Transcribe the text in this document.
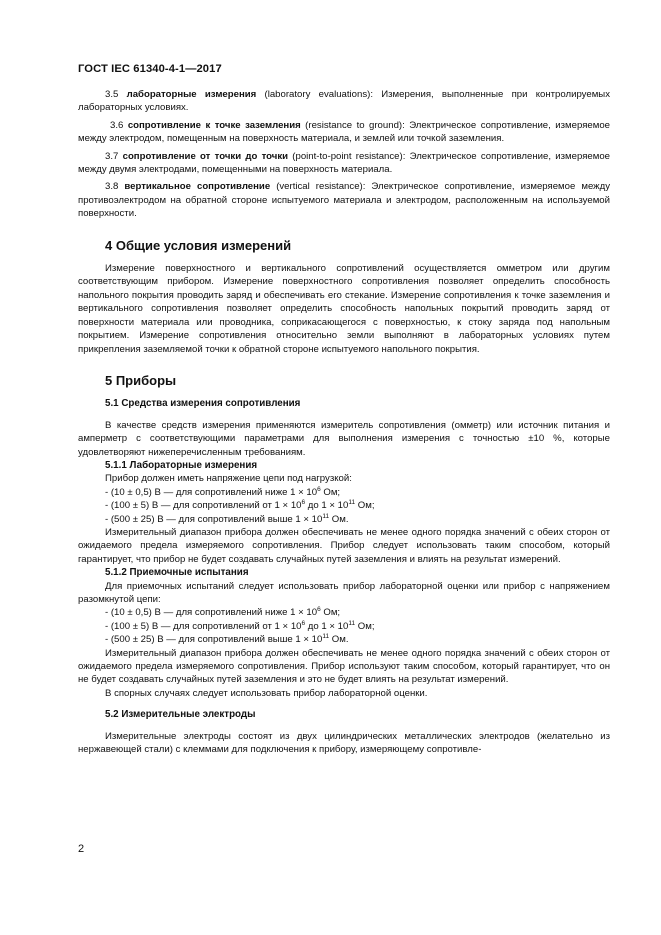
ГОСТ IEC 61340-4-1—2017

3.5 лабораторные измерения (laboratory evaluations): Измерения, выполненные при контролируемых лабораторных условиях.

3.6 сопротивление к точке заземления (resistance to ground): Электрическое сопротивление, измеряемое между электродом, помещенным на поверхность материала, и землей или точкой заземления.

3.7 сопротивление от точки до точки (point-to-point resistance): Электрическое сопротивление, измеряемое между двумя электродами, помещенными на поверхность материала.

3.8 вертикальное сопротивление (vertical resistance): Электрическое сопротивление, измеряемое между противоэлектродом на обратной стороне испытуемого материала и электродом, расположенным на используемой поверхности.

4 Общие условия измерений

Измерение поверхностного и вертикального сопротивлений осуществляется омметром или другим соответствующим прибором. Измерение поверхностного сопротивления позволяет определить способность напольного покрытия проводить заряд и обеспечивать его стекание. Измерение сопротивления к точке заземления и вертикального сопротивления позволяет определить способность напольных покрытий проводить заряд от поверхности материала или проводника, соприкасающегося с поверхностью, к стоку заряда под напольным покрытием. Измерение сопротивления относительно земли выполняют в лабораторных условиях путем прикрепления заземляемой точки к обратной стороне испытуемого напольного покрытия.

5 Приборы
5.1 Средства измерения сопротивления

В качестве средств измерения применяются измеритель сопротивления (омметр) или источник питания и амперметр с соответствующими параметрами для выполнения измерения с точностью ±10 %, которые удовлетворяют нижеперечисленным требованиям.

5.1.1 Лабораторные измерения

Прибор должен иметь напряжение цепи под нагрузкой:

- (10 ± 0,5) В — для сопротивлений ниже $1 \times 10^6$ Ом;
- (100 ± 5) В — для сопротивлений от $1 \times 10^6$ до $1 \times 10^{11}$ Ом;
- (500 ± 25) В — для сопротивлений выше $1 \times 10^{11}$ Ом.

Измерительный диапазон прибора должен обеспечивать не менее одного порядка значений с обеих сторон от ожидаемого предела измеряемого сопротивления. Прибор следует использовать таким способом, который гарантирует, что прибор не будет создавать случайных путей заземления и влиять на результат измерений.

5.1.2 Приемочные испытания

Для приемочных испытаний следует использовать прибор лабораторной оценки или прибор с напряжением разомкнутой цепи:

- (10 ± 0,5) В — для сопротивлений ниже $1 \times 10^6$ Ом;
- (100 ± 5) В — для сопротивлений от $1 \times 10^6$ до $1 \times 10^{11}$ Ом;
- (500 ± 25) В — для сопротивлений выше $1 \times 10^{11}$ Ом.

Измерительный диапазон прибора должен обеспечивать не менее одного порядка значений с обеих сторон от ожидаемого предела измеряемого сопротивления. Прибор используют таким способом, который гарантирует, что он не будет создавать случайных путей заземления и это не будет влиять на результат измерений.

В спорных случаях следует использовать прибор лабораторной оценки.

5.2 Измерительные электроды

Измерительные электроды состоят из двух цилиндрических металлических электродов (желательно из нержавеющей стали) с клеммами для подключения к прибору, измеряющему сопротивле-

2
